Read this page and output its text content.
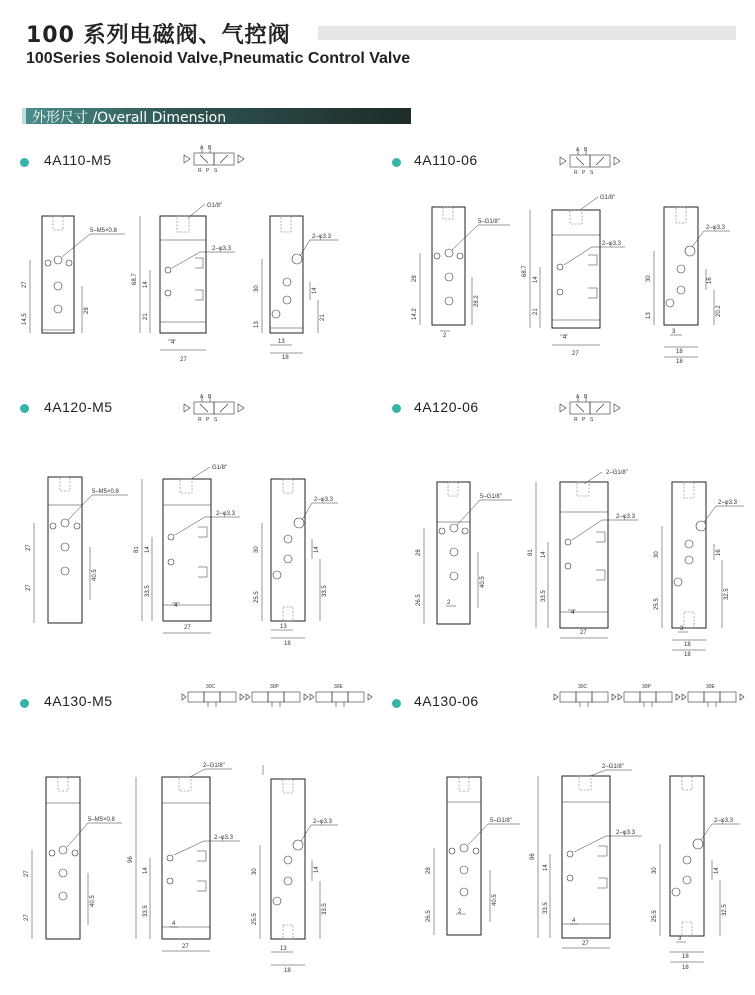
100 系列电磁阀、气控阀
100Series Solenoid Valve,Pneumatic Control Valve
外形尺寸 /Overall Dimension
4A110-M5	4A110-06
4A120-M5	4A120-06
4A130-M5	4A130-06
A B
R P S
A B
R P S
A B
R P S
A B
R P S
30C	30P	30E	30C	30P	30E
5–M5×0.8
27
14.5
28
G1/8"
2–φ3.3
68.7 14
21
4
27
2–φ3.3
30
13
14
21
13
18
5–G1/8"
28
14.2
28.2
2
G1/8"
2–φ3.3
68.7
14
21
4
27
2–φ3.3
30
13
16
20.2
3
18
18
5–M5×0.8
27
27
40.5
G1/8"
2–φ3.3
81 14
33.5
4
27
2–φ3.3
30
25.5
14
33.5
13
18
5–G1/8"
28
26.5
40.5
2
2–G1/8"
2–φ3.3
81 14
33.5
4
27
2–φ3.3
30
25.5
16
32.5
3
18
18
5–M5×0.8
27
27
40.5
2–G1/8"
2–φ3.3
96
14
33.5
4
27
2–φ3.3
30
25.5
14
33.5
13
18
5–G1/8"
28
26.5
40.5
2
2–G1/8"
2–φ3.3
96
14
33.5
4
27
2–φ3.3
30
25.5
14
32.5
3
18
18
